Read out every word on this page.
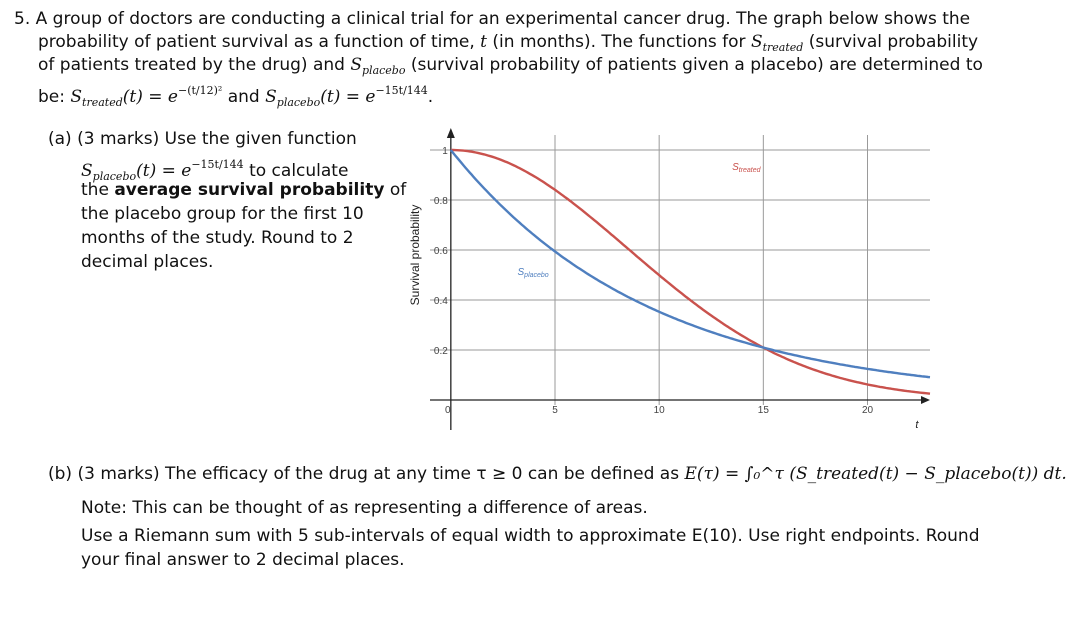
5. A group of doctors are conducting a clinical trial for an experimental cancer drug. The graph below shows the
probability of patient survival as a function of time, t (in months). The functions for $S_{treated}$ (survival probability
of patients treated by the drug) and $S_{placebo}$ (survival probability of patients given a placebo) are determined to
be: $S_{treated}(t) = e^{-(t/12)^2}$ and $S_{placebo}(t) = e^{-15t/144}$.
(a) (3 marks) Use the given function
$S_{placebo}(t) = e^{-15t/144}$ to calculate
the average survival probability of
the placebo group for the first 10
months of the study. Round to 2
decimal places.
0	5	10	15	20
0.2
0.4
0.6
0.8
1
Survival probability
t
$S_{treated}$
$S_{placebo}$
(b) (3 marks) The efficacy of the drug at any time τ ≥ 0 can be defined as E(τ) = ∫₀^τ (S_treated(t) − S_placebo(t)) dt.
Note: This can be thought of as representing a difference of areas.
Use a Riemann sum with 5 sub-intervals of equal width to approximate E(10). Use right endpoints. Round
your final answer to 2 decimal places.
